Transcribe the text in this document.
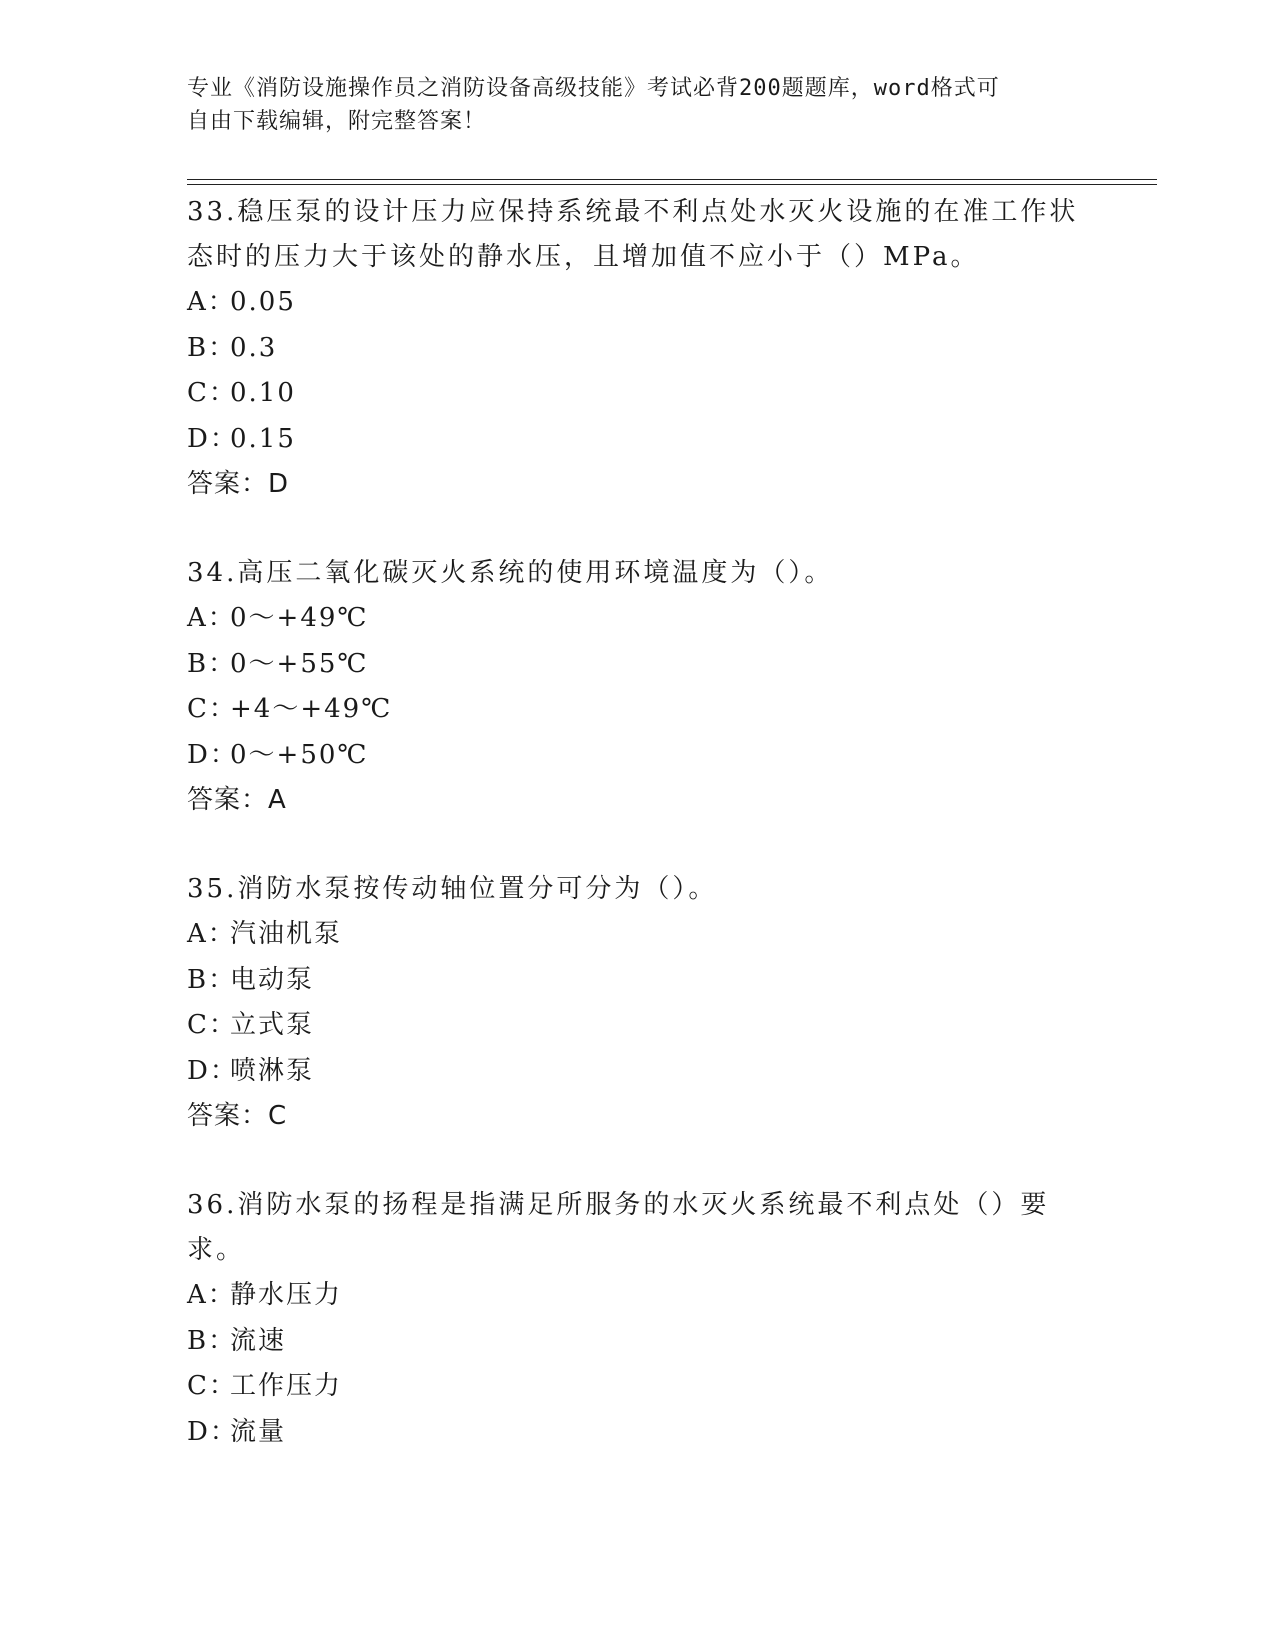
专业《消防设施操作员之消防设备高级技能》考试必背200题题库，word格式可
自由下载编辑，附完整答案！

33.稳压泵的设计压力应保持系统最不利点处水灭火设施的在准工作状态时的压力大于该处的静水压，且增加值不应小于（）MPa。

A：
0.05

B：
0.3

C：
0.10

D：
0.15

答案：D

34.高压二氧化碳灭火系统的使用环境温度为（）。

A：
0～+49℃

B：
0～+55℃

C：
+4～+49℃

D：
0～+50℃

答案：A

35.消防水泵按传动轴位置分可分为（）。

A：
汽油机泵

B：
电动泵

C：
立式泵

D：
喷淋泵

答案：C

36.消防水泵的扬程是指满足所服务的水灭火系统最不利点处（）要求。

A：
静水压力

B：
流速

C：
工作压力

D：
流量
